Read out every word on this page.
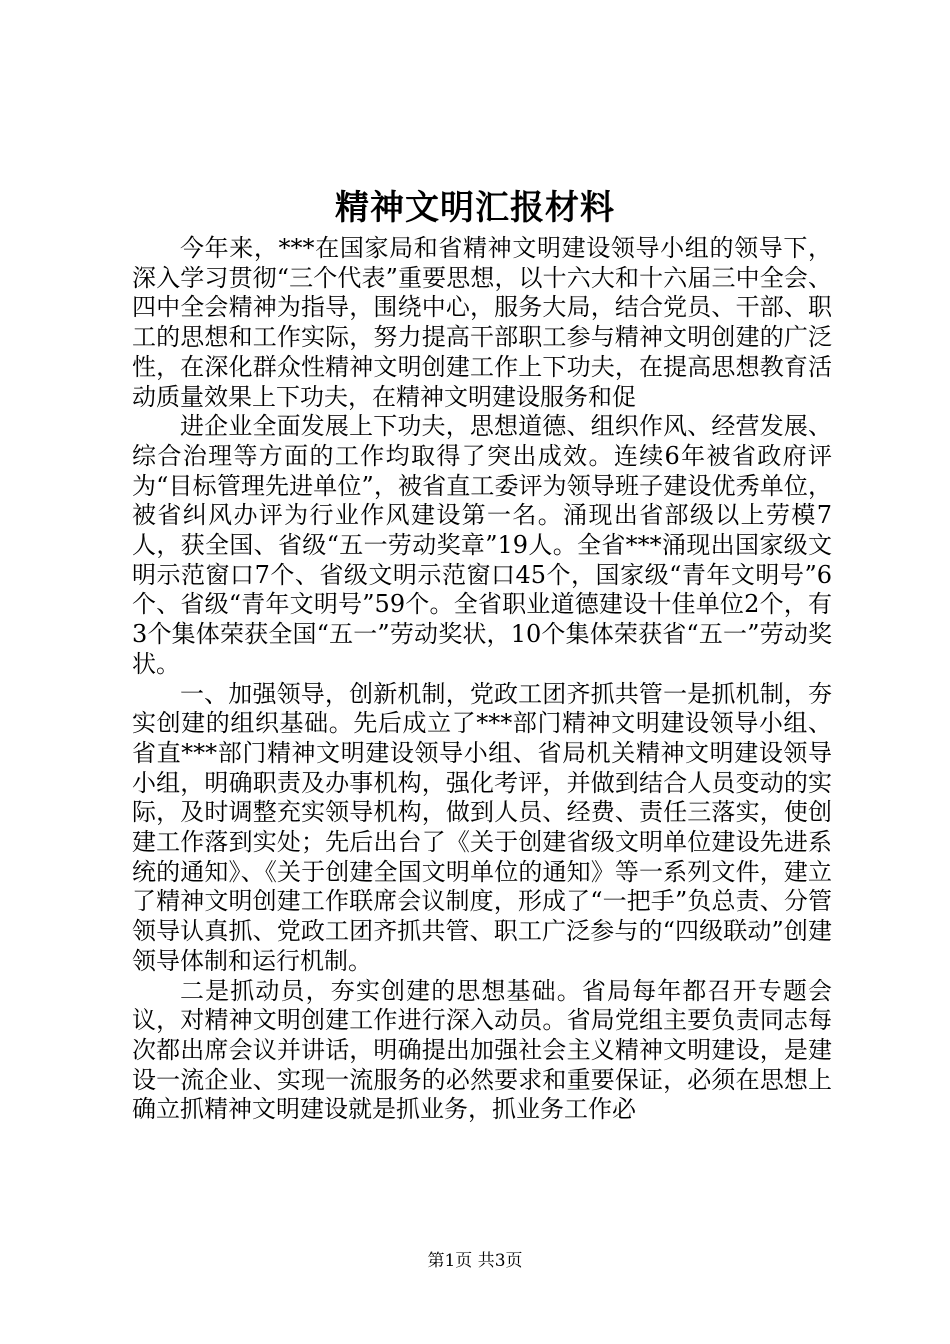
精神文明汇报材料

今年来，***在国家局和省精神文明建设领导小组的领导下，深入学习贯彻“三个代表”重要思想，以十六大和十六届三中全会、四中全会精神为指导，围绕中心，服务大局，结合党员、干部、职工的思想和工作实际，努力提高干部职工参与精神文明创建的广泛性，在深化群众性精神文明创建工作上下功夫，在提高思想教育活动质量效果上下功夫，在精神文明建设服务和促

进企业全面发展上下功夫，思想道德、组织作风、经营发展、综合治理等方面的工作均取得了突出成效。连续6年被省政府评为“目标管理先进单位”，被省直工委评为领导班子建设优秀单位，被省纠风办评为行业作风建设第一名。涌现出省部级以上劳模7人，获全国、省级“五一劳动奖章”19人。全省***涌现出国家级文明示范窗口7个、省级文明示范窗口45个，国家级“青年文明号”6个、省级“青年文明号”59个。全省职业道德建设十佳单位2个，有3个集体荣获全国“五一”劳动奖状，10个集体荣获省“五一”劳动奖状。

一、加强领导，创新机制，党政工团齐抓共管一是抓机制，夯实创建的组织基础。先后成立了***部门精神文明建设领导小组、省直***部门精神文明建设领导小组、省局机关精神文明建设领导小组，明确职责及办事机构，强化考评，并做到结合人员变动的实际，及时调整充实领导机构，做到人员、经费、责任三落实，使创建工作落到实处；先后出台了《关于创建省级文明单位建设先进系统的通知》、《关于创建全国文明单位的通知》等一系列文件，建立了精神文明创建工作联席会议制度，形成了“一把手”负总责、分管领导认真抓、党政工团齐抓共管、职工广泛参与的“四级联动”创建领导体制和运行机制。

二是抓动员，夯实创建的思想基础。省局每年都召开专题会议，对精神文明创建工作进行深入动员。省局党组主要负责同志每次都出席会议并讲话，明确提出加强社会主义精神文明建设，是建设一流企业、实现一流服务的必然要求和重要保证，必须在思想上确立抓精神文明建设就是抓业务，抓业务工作必

第1页 共3页
